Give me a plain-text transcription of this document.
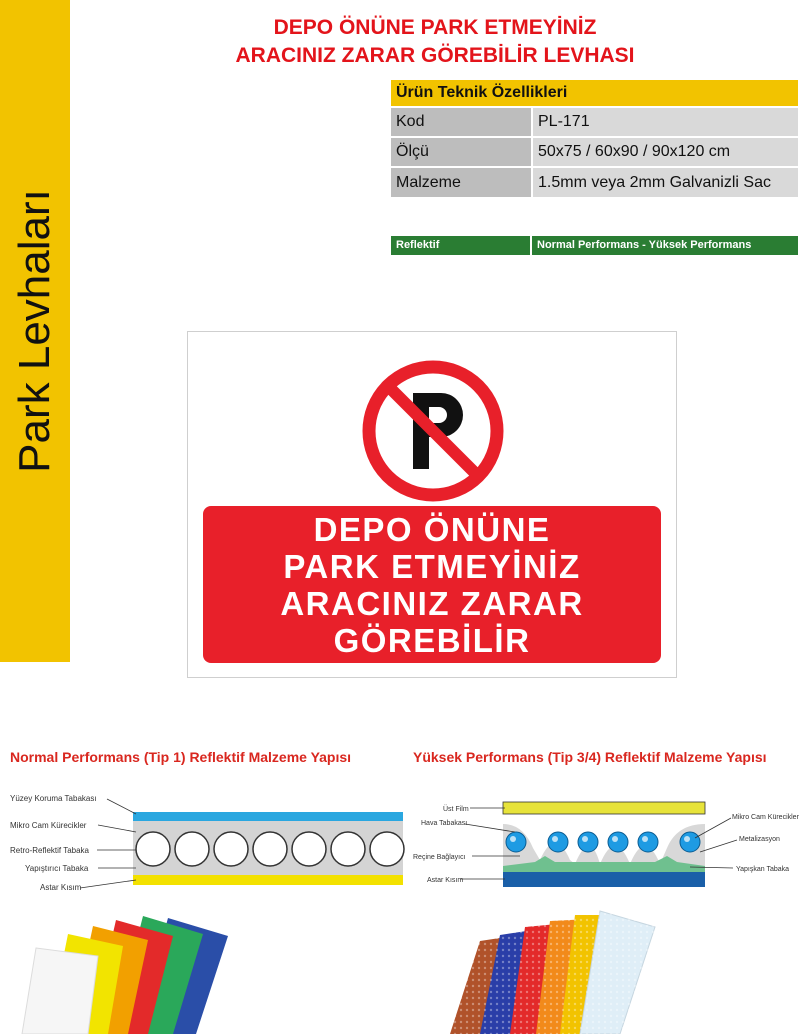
Park Levhaları
DEPO ÖNÜNE PARK ETMEYİNİZ
ARACINIZ ZARAR GÖREBİLİR LEVHASI
Ürün Teknik Özellikleri	
Kod	PL-171
Ölçü	50x75 / 60x90 / 90x120 cm
Malzeme	1.5mm veya 2mm Galvanizli Sac
Reflektif	Normal Performans - Yüksek Performans
DEPO ÖNÜNE
PARK ETMEYİNİZ
ARACINIZ ZARAR
GÖREBİLİR
Normal Performans (Tip 1) Reflektif Malzeme Yapısı	Yüksek Performans (Tip 3/4) Reflektif Malzeme Yapısı
Yüzey Koruma Tabakası
Mikro Cam Kürecikler
Retro-Reflektif Tabaka
Yapıştırıcı Tabaka
Astar Kısım
Üst Film
Hava Tabakası
Reçine Bağlayıcı
Astar Kısım
Mikro Cam Kürecikler
Metalizasyon
Yapışkan Tabaka
